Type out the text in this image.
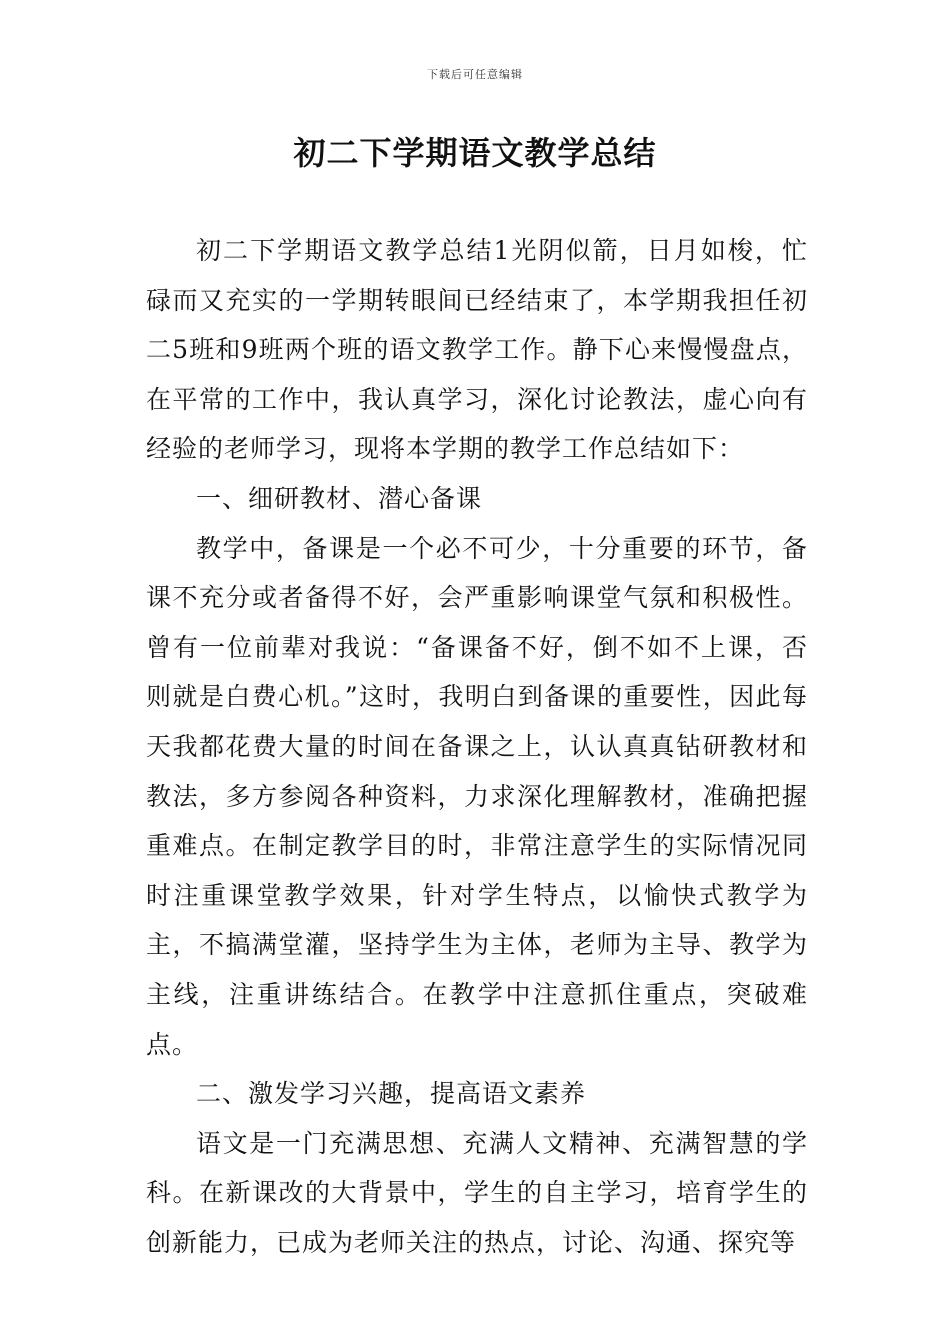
下载后可任意编辑
初二下学期语文教学总结

初二下学期语文教学总结1光阴似箭，日月如梭，忙碌而又充实的一学期转眼间已经结束了，本学期我担任初二5班和9班两个班的语文教学工作。静下心来慢慢盘点，在平常的工作中，我认真学习，深化讨论教法，虚心向有经验的老师学习，现将本学期的教学工作总结如下：

一、细研教材、潜心备课

教学中，备课是一个必不可少，十分重要的环节，备课不充分或者备得不好，会严重影响课堂气氛和积极性。曾有一位前辈对我说：“备课备不好，倒不如不上课，否则就是白费心机。”这时，我明白到备课的重要性，因此每天我都花费大量的时间在备课之上，认认真真钻研教材和教法，多方参阅各种资料，力求深化理解教材，准确把握重难点。在制定教学目的时，非常注意学生的实际情况同时注重课堂教学效果，针对学生特点，以愉快式教学为主，不搞满堂灌，坚持学生为主体，老师为主导、教学为主线，注重讲练结合。在教学中注意抓住重点，突破难点。

二、激发学习兴趣，提高语文素养

语文是一门充满思想、充满人文精神、充满智慧的学科。在新课改的大背景中，学生的自主学习，培育学生的创新能力，已成为老师关注的热点，讨论、沟通、探究等
